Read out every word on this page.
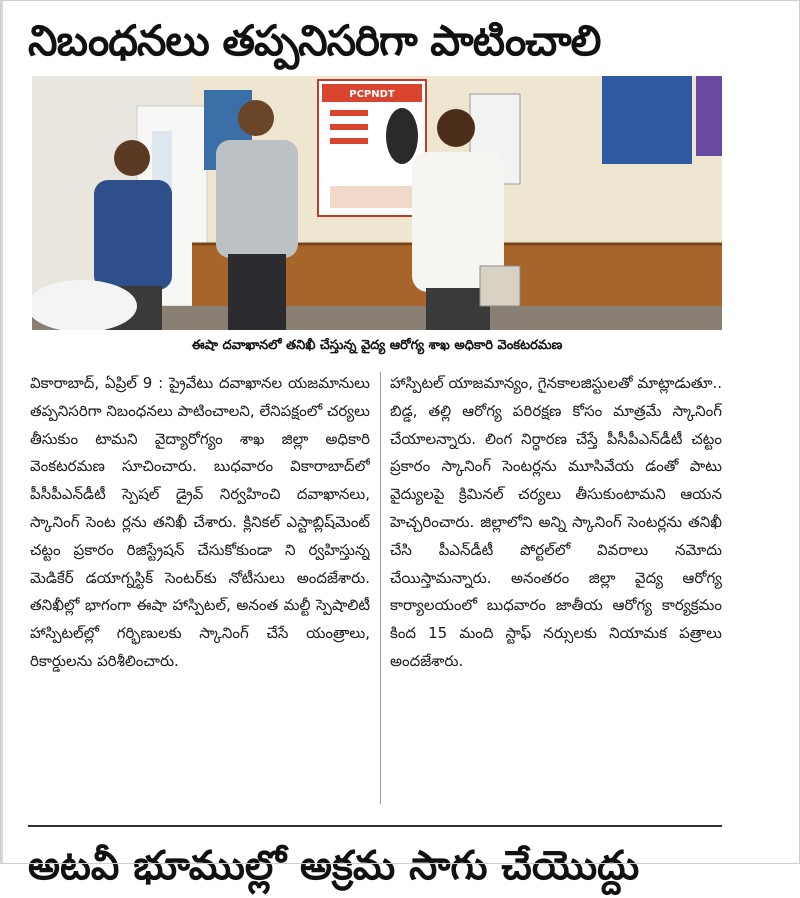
నిబంధనలు తప్పనిసరిగా పాటించాలి
PCPNDT
ఈషా దవాఖానలో తనిఖీ చేస్తున్న వైద్య ఆరోగ్య శాఖ అధికారి వెంకటరమణ
వికారాబాద్, ఏప్రిల్ 9 : ప్రైవేటు దవాఖానల యజమానులు తప్పనిసరిగా నిబంధనలు పాటించాలని, లేనిపక్షంలో చర్యలు తీసుకుం టామని వైద్యారోగ్యం శాఖ జిల్లా అధికారి వెంకటరమణ సూచించారు. బుధవారం వికారాబాద్‌లో పీసీపీఎన్‌డీటీ స్పెషల్ డ్రైవ్ నిర్వహించి దవాఖానలు, స్కానింగ్ సెంట ర్లను తనిఖీ చేశారు. క్లినికల్ ఎస్టాబ్లిష్‌మెంట్ చట్టం ప్రకారం రిజిస్ట్రేషన్ చేసుకోకుండా ని ర్వహిస్తున్న మెడికేర్ డయాగ్నస్టిక్ సెంటర్‌కు నోటీసులు అందజేశారు. తనిఖీల్లో భాగంగా ఈషా హాస్పిటల్, అనంత మల్టీ స్పెషాలిటీ హాస్పిటల్‌ల్లో గర్భిణులకు స్కానింగ్ చేసే యంత్రాలు, రికార్డులను పరిశీలించారు.
హాస్పిటల్ యాజమాన్యం, గైనకాలజిస్టులతో మాట్లాడుతూ.. బిడ్డ, తల్లి ఆరోగ్య పరిరక్షణ కోసం మాత్రమే స్కానింగ్ చేయాలన్నారు. లింగ నిర్ధారణ చేస్తే పీసీపీఎన్‌డీటీ చట్టం ప్రకారం స్కానింగ్ సెంటర్లను మూసివేయ డంతో పాటు వైద్యులపై క్రిమినల్ చర్యలు తీసుకుంటామని ఆయన హెచ్చరించారు. జిల్లాలోని అన్ని స్కానింగ్ సెంటర్లను తనిఖీ చేసి పీఎన్‌డీటీ పోర్టల్‌లో వివరాలు నమోదు చేయిస్తామన్నారు. అనంతరం జిల్లా వైద్య ఆరోగ్య కార్యాలయంలో బుధవారం జాతీయ ఆరోగ్య కార్యక్రమం కింద 15 మంది స్టాఫ్ నర్సులకు నియామక పత్రాలు అందజేశారు.
అటవీ భూముల్లో అక్రమ సాగు చేయొద్దు
